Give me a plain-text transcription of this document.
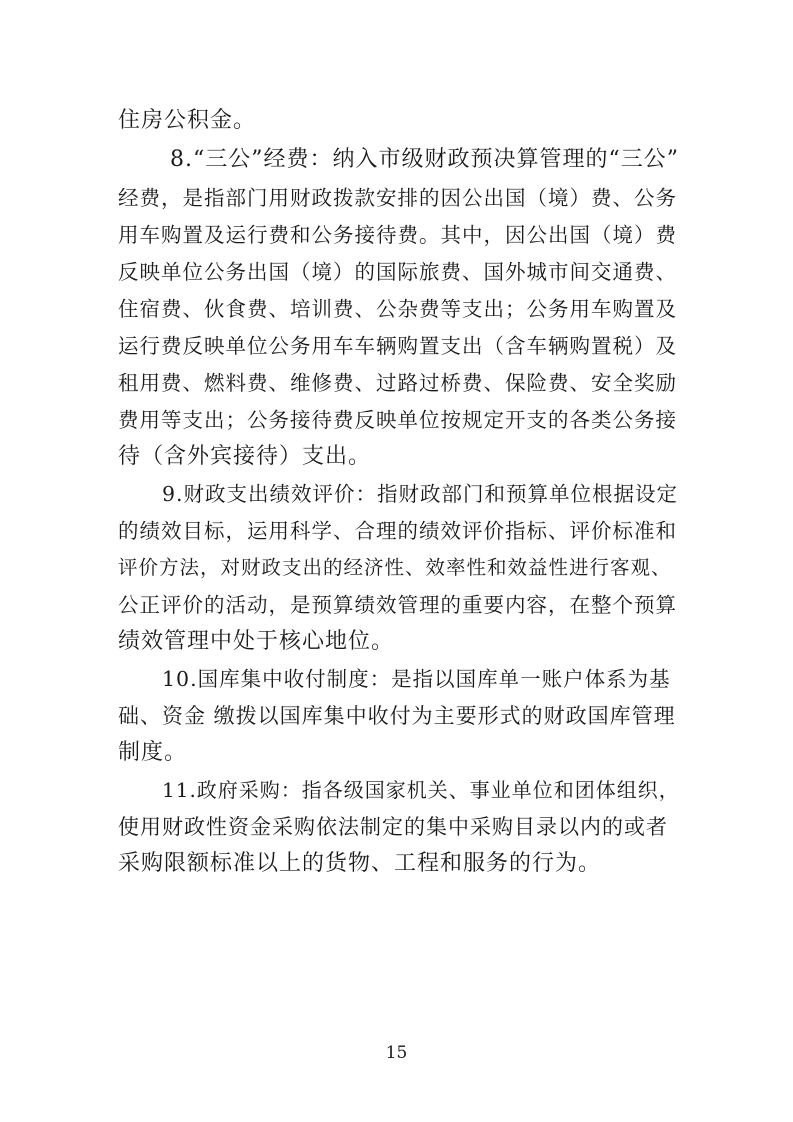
住房公积金。
8.“三公”经费：纳入市级财政预决算管理的“三公”
经费，是指部门用财政拨款安排的因公出国（境）费、公务
用车购置及运行费和公务接待费。其中，因公出国（境）费
反映单位公务出国（境）的国际旅费、国外城市间交通费、
住宿费、伙食费、培训费、公杂费等支出；公务用车购置及
运行费反映单位公务用车车辆购置支出（含车辆购置税）及
租用费、燃料费、维修费、过路过桥费、保险费、安全奖励
费用等支出；公务接待费反映单位按规定开支的各类公务接
待（含外宾接待）支出。
9.财政支出绩效评价：指财政部门和预算单位根据设定
的绩效目标，运用科学、合理的绩效评价指标、评价标准和
评价方法，对财政支出的经济性、效率性和效益性进行客观、
公正评价的活动，是预算绩效管理的重要内容，在整个预算
绩效管理中处于核心地位。
10.国库集中收付制度：是指以国库单一账户体系为基
础、资金 缴拨以国库集中收付为主要形式的财政国库管理
制度。
11.政府采购：指各级国家机关、事业单位和团体组织，
使用财政性资金采购依法制定的集中采购目录以内的或者
采购限额标准以上的货物、工程和服务的行为。
15
